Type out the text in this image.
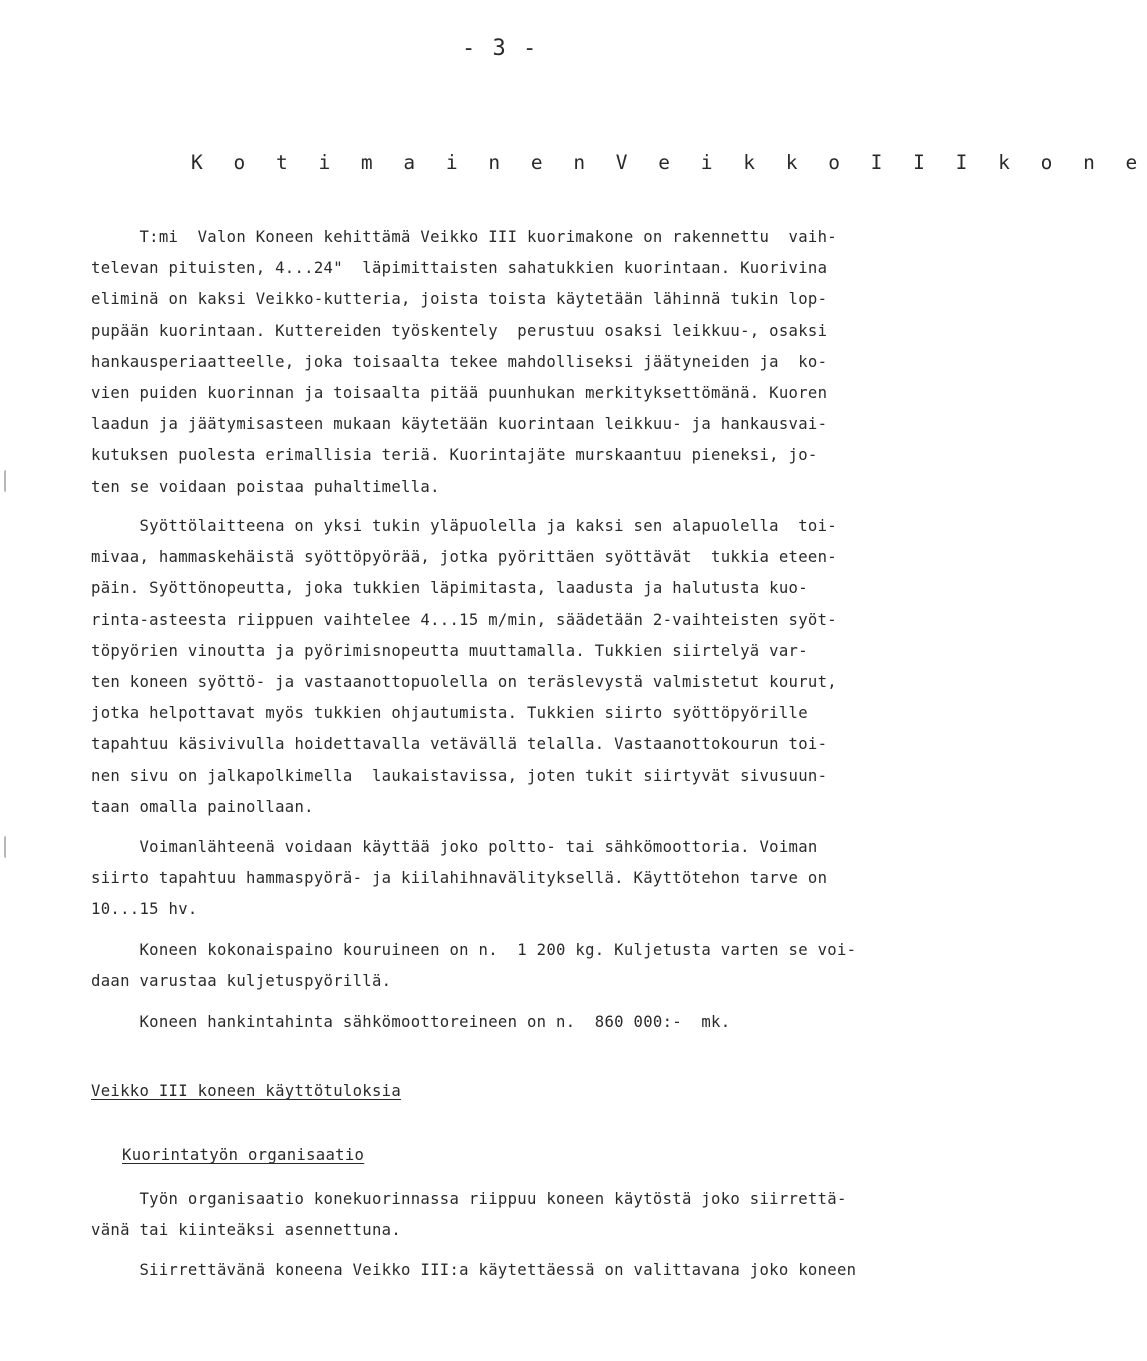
- 3 -
K o t i m a i n e n V e i k k o I I I k o n e

T:mi  Valon Koneen kehittämä Veikko III kuorimakone on rakennettu  vaih-
televan pituisten, 4...24"  läpimittaisten sahatukkien kuorintaan. Kuorivina
eliminä on kaksi Veikko-kutteria, joista toista käytetään lähinnä tukin lop-
pupään kuorintaan. Kuttereiden työskentely  perustuu osaksi leikkuu-, osaksi
hankausperiaatteelle, joka toisaalta tekee mahdolliseksi jäätyneiden ja  ko-
vien puiden kuorinnan ja toisaalta pitää puunhukan merkityksettömänä. Kuoren
laadun ja jäätymisasteen mukaan käytetään kuorintaan leikkuu- ja hankausvai-
kutuksen puolesta erimallisia teriä. Kuorintajäte murskaantuu pieneksi, jo-
ten se voidaan poistaa puhaltimella.

Syöttölaitteena on yksi tukin yläpuolella ja kaksi sen alapuolella  toi-
mivaa, hammaskehäistä syöttöpyörää, jotka pyörittäen syöttävät  tukkia eteen-
päin. Syöttönopeutta, joka tukkien läpimitasta, laadusta ja halutusta kuo-
rinta-asteesta riippuen vaihtelee 4...15 m/min, säädetään 2-vaihteisten syöt-
töpyörien vinoutta ja pyörimisnopeutta muuttamalla. Tukkien siirtelyä var-
ten koneen syöttö- ja vastaanottopuolella on teräslevystä valmistetut kourut,
jotka helpottavat myös tukkien ohjautumista. Tukkien siirto syöttöpyörille
tapahtuu käsivivulla hoidettavalla vetävällä telalla. Vastaanottokourun toi-
nen sivu on jalkapolkimella  laukaistavissa, joten tukit siirtyvät sivusuun-
taan omalla painollaan.

Voimanlähteenä voidaan käyttää joko poltto- tai sähkömoottoria. Voiman
siirto tapahtuu hammaspyörä- ja kiilahihnavälityksellä. Käyttötehon tarve on
10...15 hv.

Koneen kokonaispaino kouruineen on n.  1 200 kg. Kuljetusta varten se voi-
daan varustaa kuljetuspyörillä.

Koneen hankintahinta sähkömoottoreineen on n.  860 000:-  mk.

Veikko III koneen käyttötuloksia
Kuorintatyön organisaatio

Työn organisaatio konekuorinnassa riippuu koneen käytöstä joko siirrettä-
vänä tai kiinteäksi asennettuna.

Siirrettävänä koneena Veikko III:a käytettäessä on valittavana joko koneen
